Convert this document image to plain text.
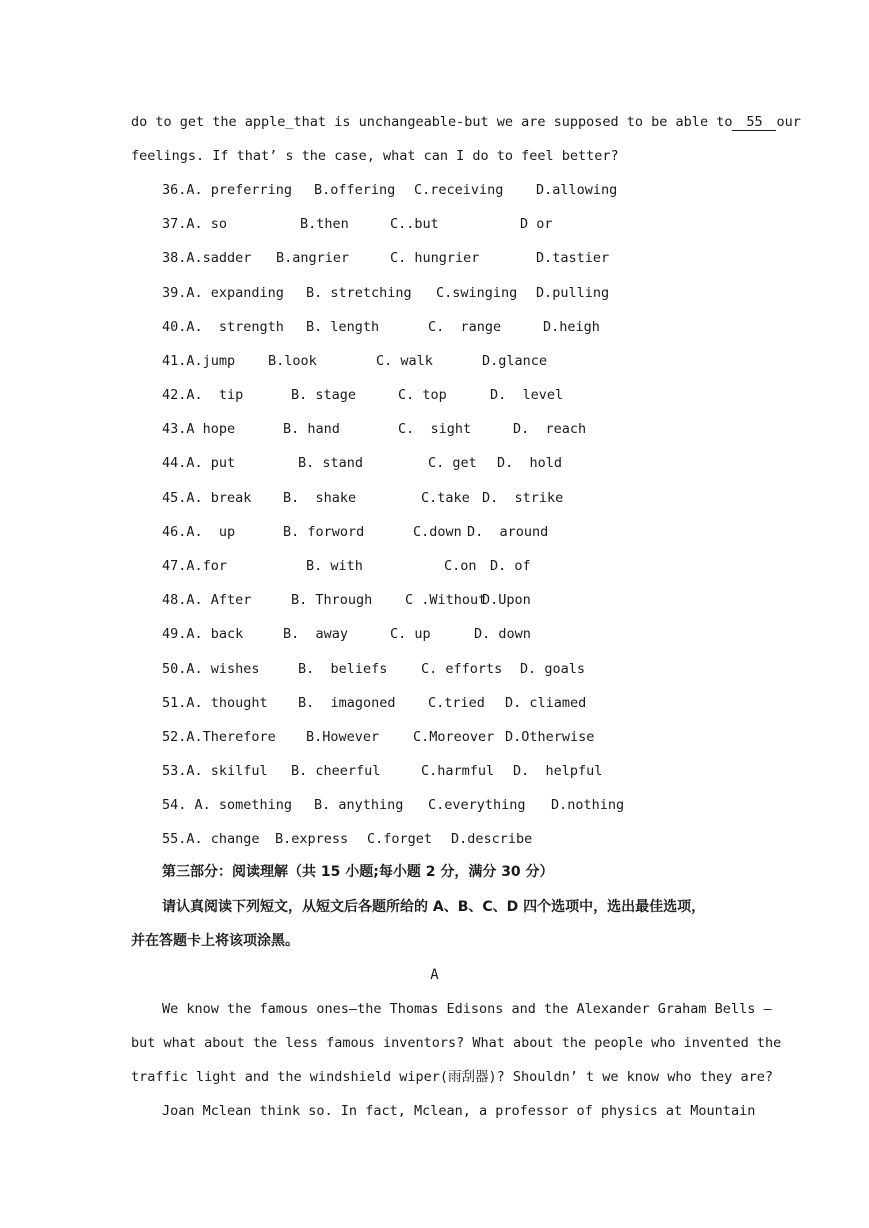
do to get the apple_that is unchangeable-but we are supposed to be able to 55 our
feelings. If that’ s the case, what can I do to feel better?
36.A. preferring B.offering C.receiving D.allowing
37.A. so	B.then	C..but	D or
38.A.sadder B.angrier	C. hungrier	D.tastier
39.A. expanding B. stretching C.swinging D.pulling
40.A.  strength B. length	C.  range	D.heigh
41.A.jump B.look	C. walk	D.glance
42.A.  tip	B. stage	C. top	D.  level
43.A hope	B. hand	C.  sight	D.  reach
44.A. put	B. stand	C. get D.  hold
45.A. break B.  shake	C.take D.  strike
46.A.  up	B. forword	C.down D.  around
47.A.for	B. with	C.on D. of
48.A. After	B. Through C .Without
D.Upon
49.A. back	B.  away	C. up	D. down
50.A. wishes	B.  beliefs C. efforts D. goals
51.A. thought B.  imagoned C.tried D. cliamed
52.A.Therefore B.However	C.Moreover D.Otherwise
53.A. skilful B. cheerful	C.harmful D.  helpful
54. A. something B. anything C.everything D.nothing
55.A. change B.express C.forget D.describe
第三部分：阅读理解（共 15 小题;每小题 2 分，满分 30 分）
请认真阅读下列短文，从短文后各题所给的 A、B、C、D 四个选项中，选出最佳选项，
并在答题卡上将该项涂黑。
A
We know the famous ones—the Thomas Edisons and the Alexander Graham Bells —
but what about the less famous inventors? What about the people who invented the
traffic light and the windshield wiper(雨刮器)? Shouldn’ t we know who they are?
Joan Mclean think so. In fact, Mclean, a professor of physics at Mountain
